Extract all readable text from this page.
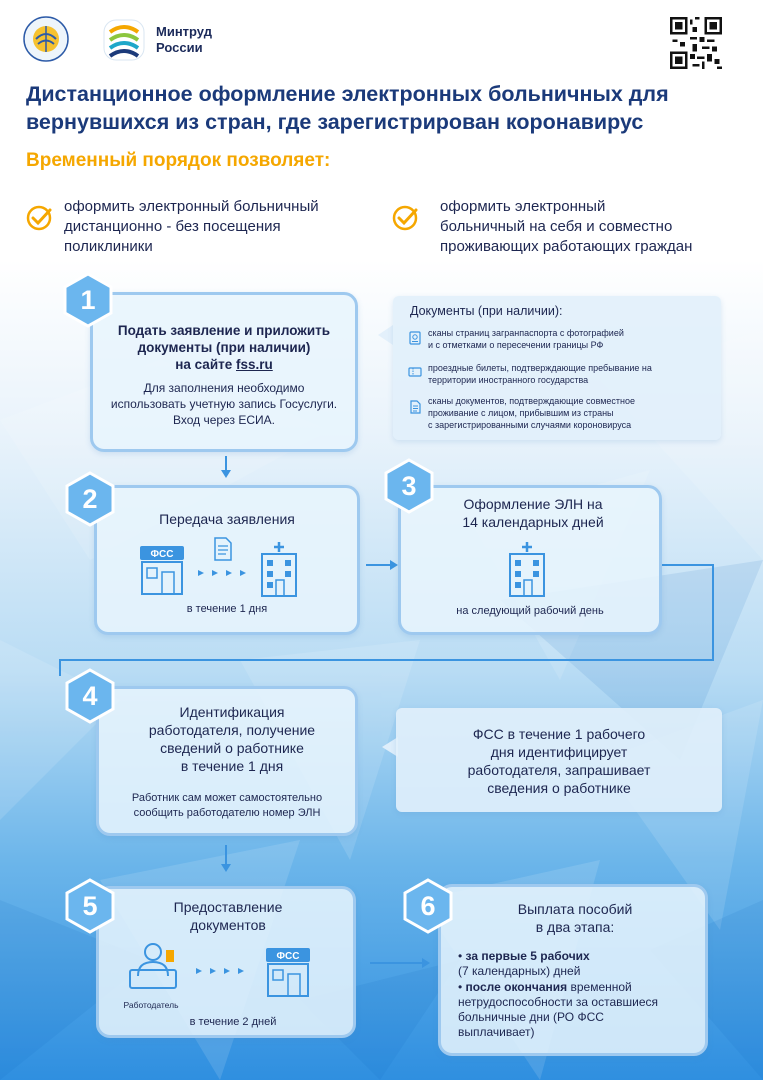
Минтруд
России
Дистанционное оформление электронных больничных для
вернувшихся из стран, где зарегистрирован коронавирус
Временный порядок позволяет:
оформить электронный больничный
дистанционно - без посещения
поликлиники
оформить электронный
больничный на себя и совместно
проживающих работающих граждан
1
Подать заявление и приложить
документы (при наличии)
на сайте fss.ru
Для заполнения необходимо
использовать учетную запись Госуслуги.
Вход через ЕСИА.
Документы (при наличии):
сканы страниц загранпаспорта с фотографией
и с отметками о пересечении границы РФ
проездные билеты, подтверждающие пребывание на
территории иностранного государства
сканы документов, подтверждающие совместное
проживание с лицом, прибывшим из страны
с зарегистрированными случаями короновируса
2
Передача заявления
ФСС
в течение 1 дня
3
Оформление ЭЛН на
14 календарных дней
на следующий рабочий день
4
Идентификация
работодателя, получение
сведений о работнике
в течение 1 дня
Работник сам может самостоятельно
сообщить работодателю номер ЭЛН
ФСС в течение 1 рабочего
дня идентифицирует
работодателя, запрашивает
сведения о работнике
5	Предоставление
документов
Работодатель
ФСС
в течение 2 дней
6	Выплата пособий
в два этапа:
• за первые 5 рабочих
(7 календарных) дней
• после окончания временной нетрудоспособности за оставшиеся больничные дни (РО ФСС выплачивает)
